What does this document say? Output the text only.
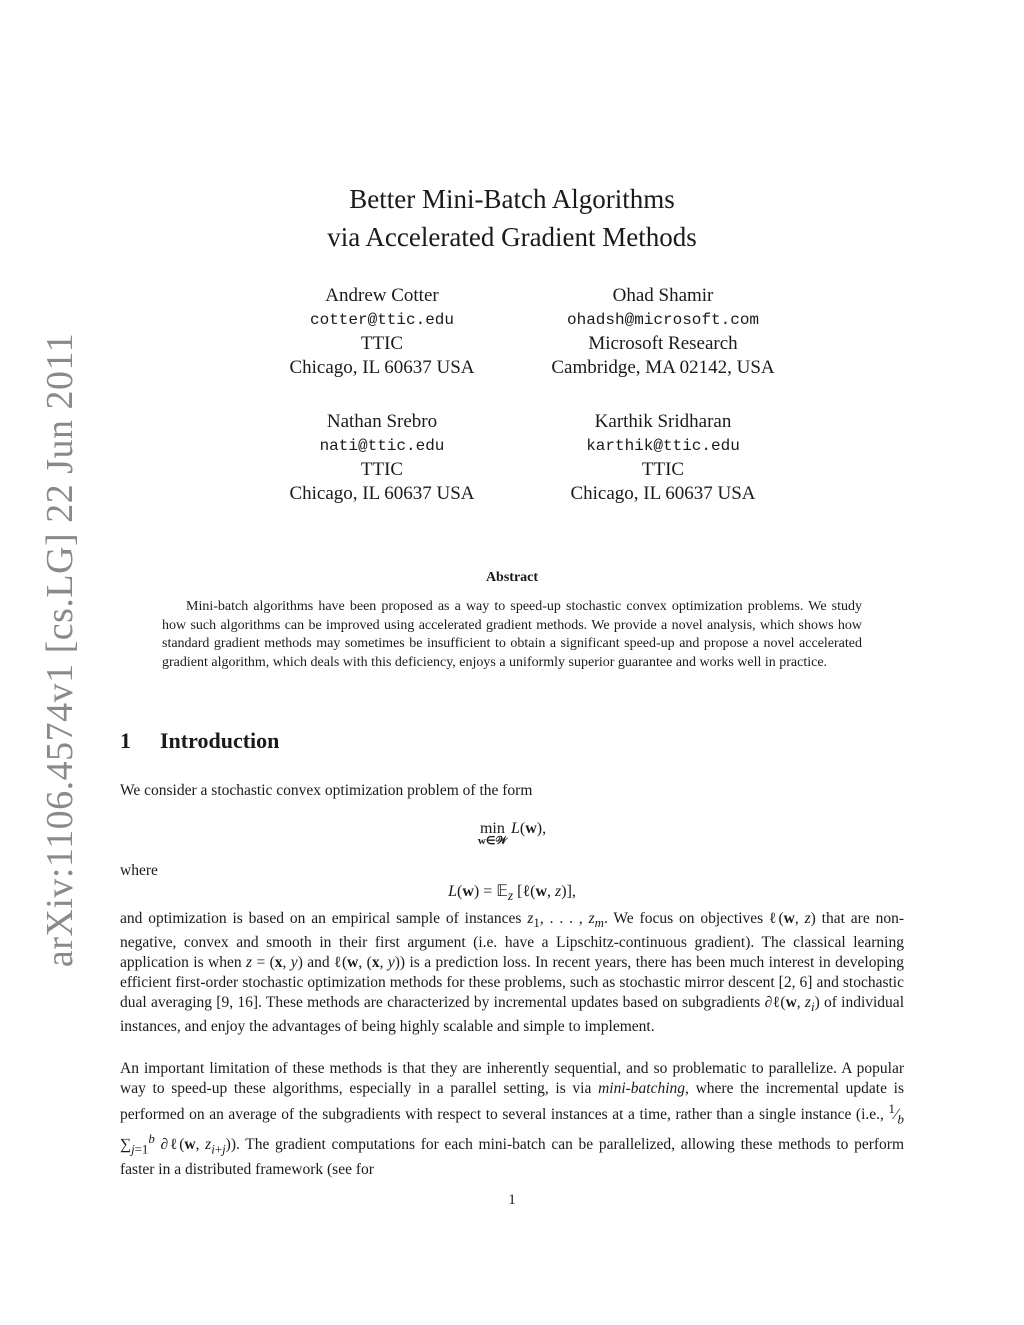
arXiv:1106.4574v1 [cs.LG] 22 Jun 2011
Better Mini-Batch Algorithms
via Accelerated Gradient Methods
Andrew Cotter
cotter@ttic.edu
TTIC
Chicago, IL 60637 USA
Ohad Shamir
ohadsh@microsoft.com
Microsoft Research
Cambridge, MA 02142, USA
Nathan Srebro
nati@ttic.edu
TTIC
Chicago, IL 60637 USA
Karthik Sridharan
karthik@ttic.edu
TTIC
Chicago, IL 60637 USA
Abstract
Mini-batch algorithms have been proposed as a way to speed-up stochastic convex optimization problems. We study how such algorithms can be improved using accelerated gradient methods. We provide a novel analysis, which shows how standard gradient methods may sometimes be insufficient to obtain a significant speed-up and propose a novel accelerated gradient algorithm, which deals with this deficiency, enjoys a uniformly superior guarantee and works well in practice.
1 Introduction
We consider a stochastic convex optimization problem of the form
min
w∈𝒲
L(w),
where
L(w) = 𝔼$_z$ [ℓ(w, z)],
and optimization is based on an empirical sample of instances $z_1$, . . . , $z_m$. We focus on objectives ℓ(w, z) that are non-negative, convex and smooth in their first argument (i.e. have a Lipschitz-continuous gradient). The classical learning application is when z = (x, y) and ℓ(w, (x, y)) is a prediction loss. In recent years, there has been much interest in developing efficient first-order stochastic optimization methods for these problems, such as stochastic mirror descent [2, 6] and stochastic dual averaging [9, 16]. These methods are characterized by incremental updates based on subgradients ∂ℓ(w, $z_i$) of individual instances, and enjoy the advantages of being highly scalable and simple to implement.
An important limitation of these methods is that they are inherently sequential, and so problematic to parallelize. A popular way to speed-up these algorithms, especially in a parallel setting, is via mini-batching, where the incremental update is performed on an average of the subgradients with respect to several instances at a time, rather than a single instance (i.e., $^1⁄_b$ $\sum_{j=1}^b$ ∂ℓ(w, $z_{i+j}$)). The gradient computations for each mini-batch can be parallelized, allowing these methods to perform faster in a distributed framework (see for
1
